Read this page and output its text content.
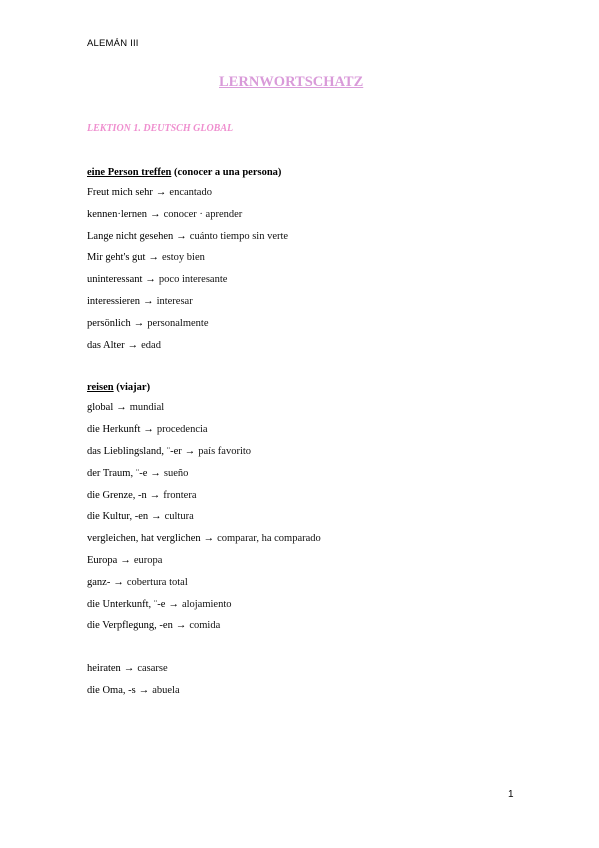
ALEMÁN III
LERNWORTSCHATZ
LEKTION 1. DEUTSCH GLOBAL
eine Person treffen (conocer a una persona)
Freut mich sehr → encantado
kennen·lernen → conocer · aprender
Lange nicht gesehen → cuánto tiempo sin verte
Mir geht's gut → estoy bien
uninteressant → poco interesante
interessieren → interesar
persönlich → personalmente
das Alter → edad
reisen (viajar)
global → mundial
die Herkunft → procedencia
das Lieblingsland, ¨-er → país favorito
der Traum, ¨-e → sueño
die Grenze, -n → frontera
die Kultur, -en → cultura
vergleichen, hat verglichen → comparar, ha comparado
Europa → europa
ganz- → cobertura total
die Unterkunft, ¨-e → alojamiento
die Verpflegung, -en → comida
heiraten → casarse
die Oma, -s → abuela
1
